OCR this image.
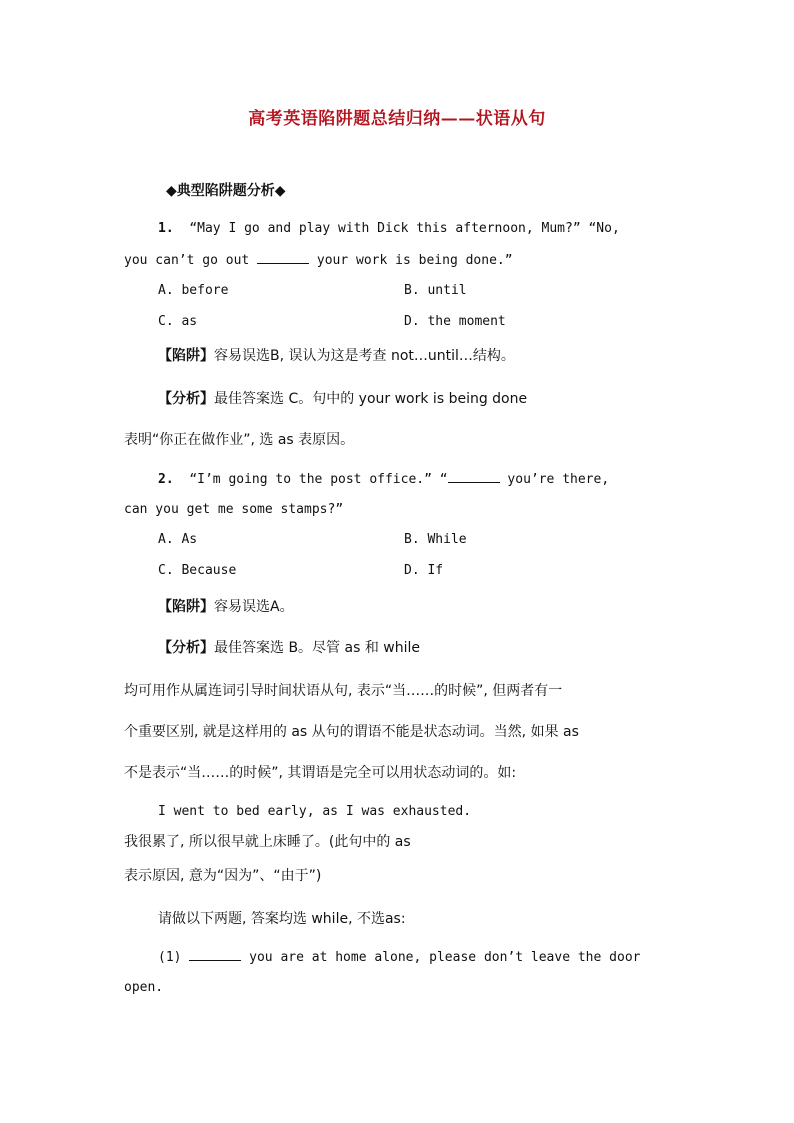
高考英语陷阱题总结归纳——状语从句
◆典型陷阱题分析◆
1. “May I go and play with Dick this afternoon, Mum?” “No,
you can’t go out	your work is being done.”
A. before	B. until
C. as	D. the moment
【陷阱】容易误选B, 误认为这是考查 not…until…结构。
【分析】最佳答案选 C。句中的 your work is being done
表明“你正在做作业”, 选 as 表原因。
2. “I’m going to the post office.” “	you’re there,
can you get me some stamps?”
A. As	B. While
C. Because	D. If
【陷阱】容易误选A。
【分析】最佳答案选 B。尽管 as 和 while
均可用作从属连词引导时间状语从句, 表示“当……的时候”, 但两者有一
个重要区别, 就是这样用的 as 从句的谓语不能是状态动词。当然, 如果 as
不是表示“当……的时候”, 其谓语是完全可以用状态动词的。如:
I went to bed early, as I was exhausted.
我很累了, 所以很早就上床睡了。(此句中的 as
表示原因, 意为“因为”、“由于”)
请做以下两题, 答案均选 while, 不选as:
(1)	you are at home alone, please don’t leave the door
open.
